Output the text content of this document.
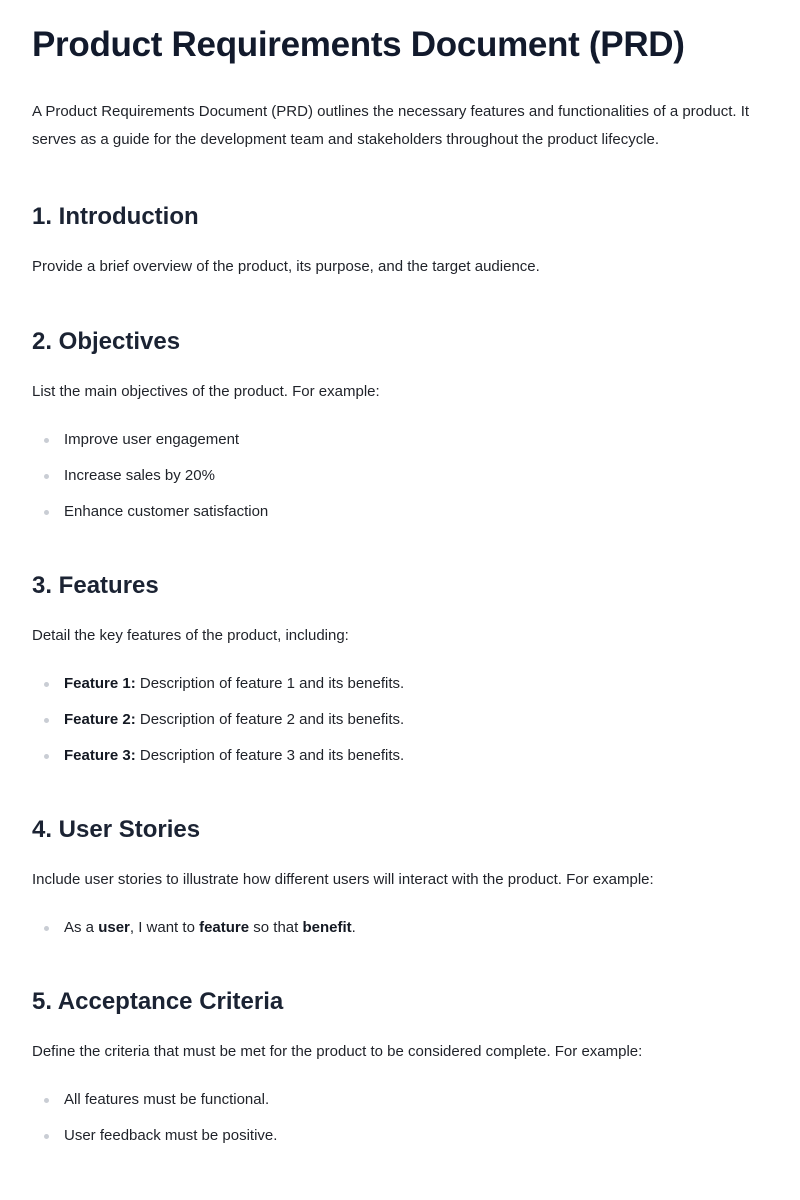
Product Requirements Document (PRD)

A Product Requirements Document (PRD) outlines the necessary features and functionalities of a product. It serves as a guide for the development team and stakeholders throughout the product lifecycle.

1. Introduction

Provide a brief overview of the product, its purpose, and the target audience.

2. Objectives

List the main objectives of the product. For example:

Improve user engagement
Increase sales by 20%
Enhance customer satisfaction
3. Features

Detail the key features of the product, including:

Feature 1: Description of feature 1 and its benefits.
Feature 2: Description of feature 2 and its benefits.
Feature 3: Description of feature 3 and its benefits.
4. User Stories

Include user stories to illustrate how different users will interact with the product. For example:

As a user, I want to feature so that benefit.
5. Acceptance Criteria

Define the criteria that must be met for the product to be considered complete. For example:

All features must be functional.
User feedback must be positive.
